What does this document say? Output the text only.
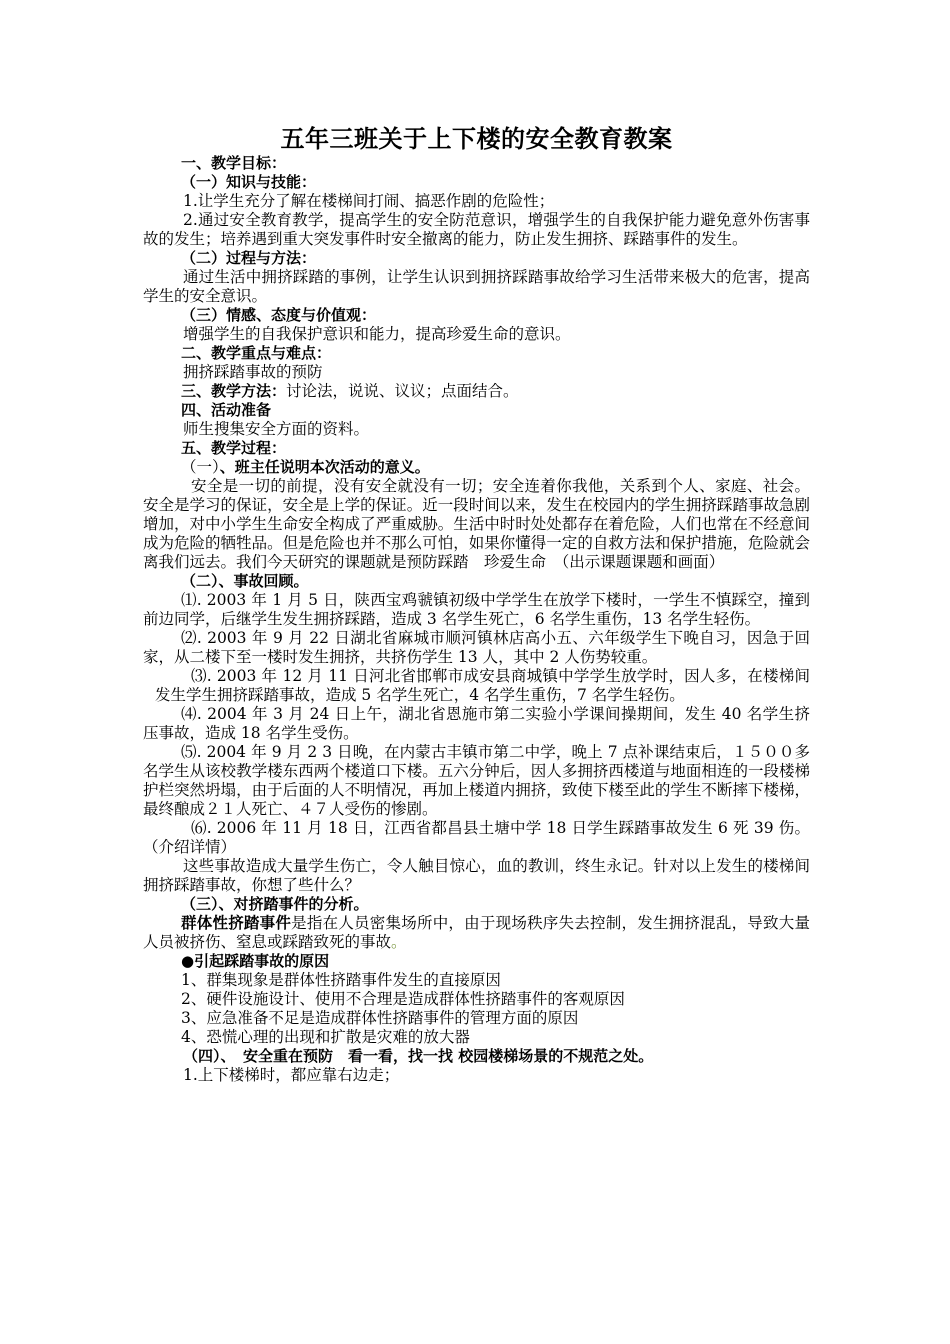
五年三班关于上下楼的安全教育教案

一、教学目标：

（一）知识与技能：

1.让学生充分了解在楼梯间打闹、搞恶作剧的危险性；

2.通过安全教育教学，提高学生的安全防范意识，增强学生的自我保护能力避免意外伤害事故的发生；培养遇到重大突发事件时安全撤离的能力，防止发生拥挤、踩踏事件的发生。

（二）过程与方法：

通过生活中拥挤踩踏的事例，让学生认识到拥挤踩踏事故给学习生活带来极大的危害，提高学生的安全意识。

（三）情感、态度与价值观：

增强学生的自我保护意识和能力，提高珍爱生命的意识。

二、教学重点与难点：

拥挤踩踏事故的预防

三、教学方法：讨论法，说说、议议；点面结合。

四、活动准备

师生搜集安全方面的资料。

五、教学过程：

（一）、班主任说明本次活动的意义。

安全是一切的前提，没有安全就没有一切；安全连着你我他，关系到个人、家庭、社会。安全是学习的保证，安全是上学的保证。近一段时间以来，发生在校园内的学生拥挤踩踏事故急剧增加，对中小学生生命安全构成了严重威胁。生活中时时处处都存在着危险，人们也常在不经意间成为危险的牺牲品。但是危险也并不那么可怕，如果你懂得一定的自救方法和保护措施，危险就会离我们远去。我们今天研究的课题就是预防踩踏　珍爱生命　（出示课题课题和画面）

（二）、事故回顾。

⑴. 2003 年 1 月 5 日，陕西宝鸡虢镇初级中学学生在放学下楼时，一学生不慎踩空，撞到前边同学，后继学生发生拥挤踩踏，造成 3 名学生死亡，6 名学生重伤，13 名学生轻伤。

⑵. 2003 年 9 月 22 日湖北省麻城市顺河镇林店高小五、六年级学生下晚自习，因急于回家，从二楼下至一楼时发生拥挤，共挤伤学生 13 人，其中 2 人伤势较重。

⑶. 2003 年 12 月 11 日河北省邯郸市成安县商城镇中学学生放学时，因人多，在楼梯间发生学生拥挤踩踏事故，造成 5 名学生死亡，4 名学生重伤，7 名学生轻伤。

⑷. 2004 年 3 月 24 日上午，湖北省恩施市第二实验小学课间操期间，发生 40 名学生挤压事故，造成 18 名学生受伤。

⑸. 2004 年 9 月 2 3 日晚，在内蒙古丰镇市第二中学，晚上 7 点补课结束后，１５００多名学生从该校教学楼东西两个楼道口下楼。五六分钟后，因人多拥挤西楼道与地面相连的一段楼梯护栏突然坍塌，由于后面的人不明情况，再加上楼道内拥挤，致使下楼至此的学生不断摔下楼梯，最终酿成２１人死亡、４７人受伤的惨剧。

⑹. 2006 年 11 月 18 日，江西省都昌县土塘中学 18 日学生踩踏事故发生 6 死 39 伤。（介绍详情）

这些事故造成大量学生伤亡，令人触目惊心，血的教训，终生永记。针对以上发生的楼梯间拥挤踩踏事故，你想了些什么？

（三）、对挤踏事件的分析。

群体性挤踏事件是指在人员密集场所中，由于现场秩序失去控制，发生拥挤混乱，导致大量人员被挤伤、窒息或踩踏致死的事故。

●引起踩踏事故的原因

1、群集现象是群体性挤踏事件发生的直接原因

2、硬件设施设计、使用不合理是造成群体性挤踏事件的客观原因

3、应急准备不足是造成群体性挤踏事件的管理方面的原因

4、恐慌心理的出现和扩散是灾难的放大器

（四）、　安全重在预防　看一看，找一找 校园楼梯场景的不规范之处。

1.上下楼梯时，都应靠右边走；
